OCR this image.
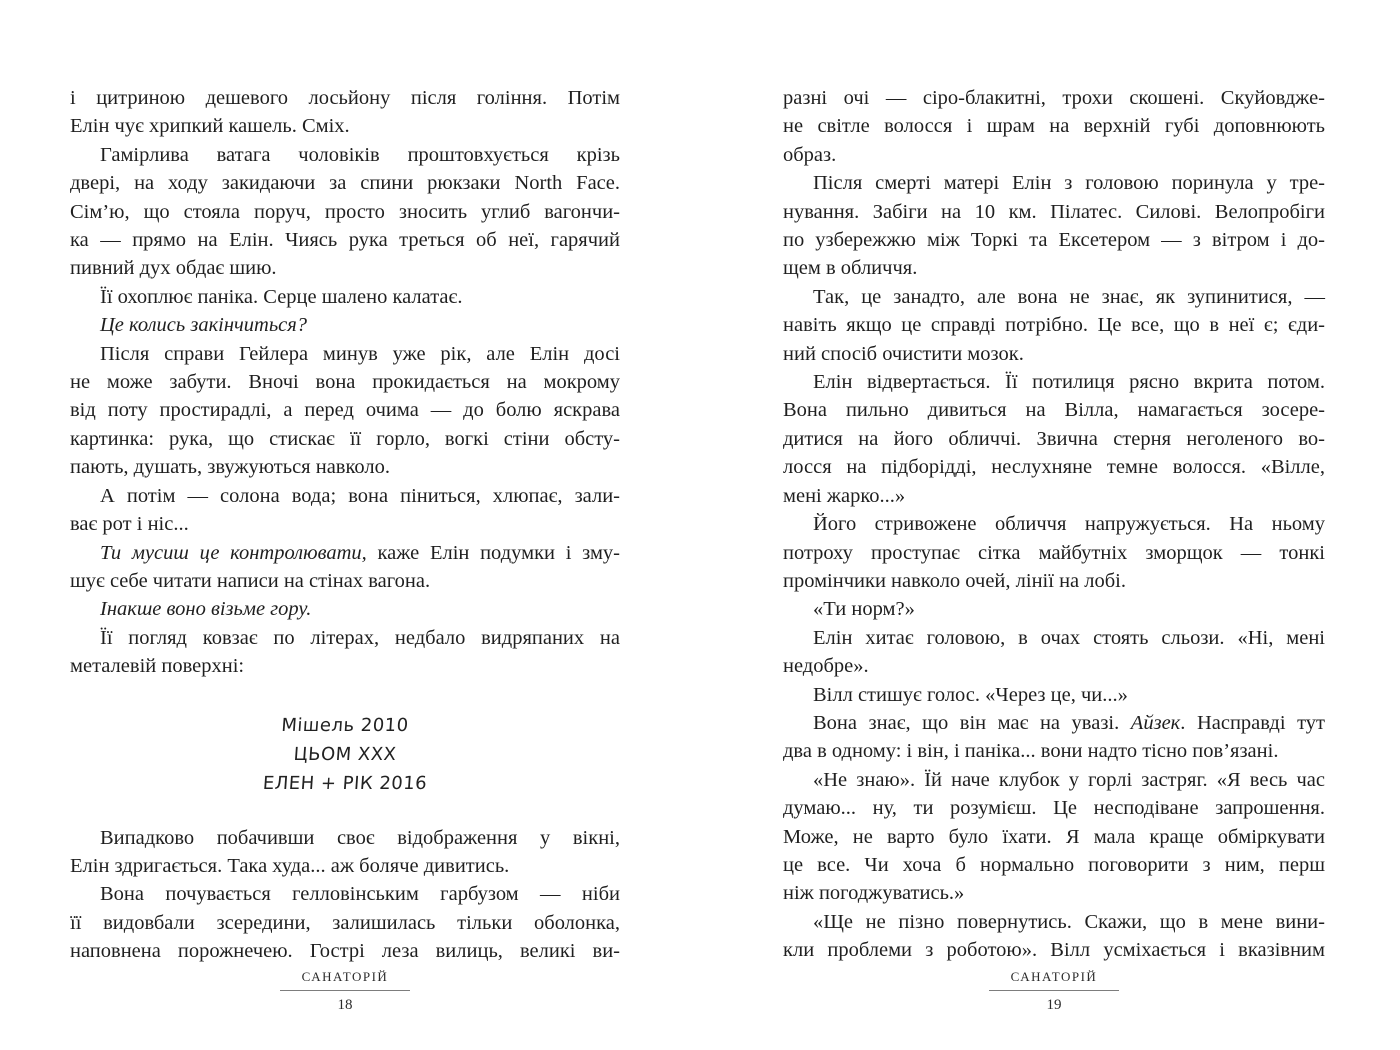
і цитриною дешевого лосьйону після гоління. Потім
Елін чує хрипкий кашель. Сміх.
Гамірлива ватага чоловіків проштовхується крізь
двері, на ходу закидаючи за спини рюкзаки North Face.
Сім’ю, що стояла поруч, просто зносить углиб вагончи-
ка — прямо на Елін. Чиясь рука треться об неї, гарячий
пивний дух обдає шию.
Її охоплює паніка. Серце шалено калатає.
Це колись закінчиться?
Після справи Гейлера минув уже рік, але Елін досі
не може забути. Вночі вона прокидається на мокрому
від поту простирадлі, а перед очима — до болю яскрава
картинка: рука, що стискає її горло, вогкі стіни обсту-
пають, душать, звужуються навколо.
А потім — солона вода; вона піниться, хлюпає, зали-
ває рот і ніс...
Ти мусиш це контролювати, каже Елін подумки і зму-
шує себе читати написи на стінах вагона.
Інакше воно візьме гору.
Її погляд ковзає по літерах, недбало видряпаних на
металевій поверхні:
Мішель 2010
ЦЬОМ ХХХ
ЕЛЕН + РІК 2016
Випадково побачивши своє відображення у вікні,
Елін здригається. Така худа... аж боляче дивитись.
Вона почувається гелловінським гарбузом — ніби
її видовбали зсередини, залишилась тільки оболонка,
наповнена порожнечею. Гострі леза вилиць, великі ви-
САНАТОРІЙ
18
разні очі — сіро-блакитні, трохи скошені. Скуйовдже-
не світле волосся і шрам на верхній губі доповнюють
образ.
Після смерті матері Елін з головою поринула у тре-
нування. Забіги на 10 км. Пілатес. Силові. Велопробіги
по узбережжю між Торкі та Ексетером — з вітром і до-
щем в обличчя.
Так, це занадто, але вона не знає, як зупинитися, —
навіть якщо це справді потрібно. Це все, що в неї є; єди-
ний спосіб очистити мозок.
Елін відвертається. Її потилиця рясно вкрита потом.
Вона пильно дивиться на Вілла, намагається зосере-
дитися на його обличчі. Звична стерня неголеного во-
лосся на підборідді, неслухняне темне волосся. «Вілле,
мені жарко...»
Його стривожене обличчя напружується. На ньому
потроху проступає сітка майбутніх зморщок — тонкі
промінчики навколо очей, лінії на лобі.
«Ти норм?»
Елін хитає головою, в очах стоять сльози. «Ні, мені
недобре».
Вілл стишує голос. «Через це, чи...»
Вона знає, що він має на увазі. Айзек. Насправді тут
два в одному: і він, і паніка... вони надто тісно пов’язані.
«Не знаю». Їй наче клубок у горлі застряг. «Я весь час
думаю... ну, ти розумієш. Це несподіване запрошення.
Може, не варто було їхати. Я мала краще обміркувати
це все. Чи хоча б нормально поговорити з ним, перш
ніж погоджуватись.»
«Ще не пізно повернутись. Скажи, що в мене вини-
кли проблеми з роботою». Вілл усміхається і вказівним
САНАТОРІЙ
19
